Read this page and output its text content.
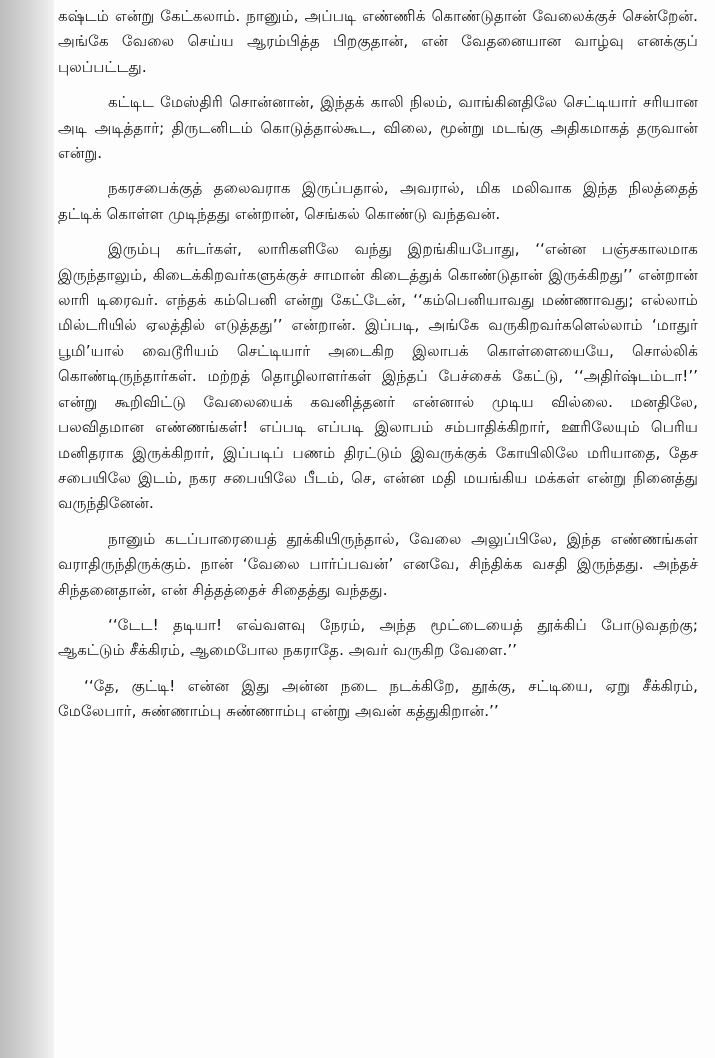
கஷ்டம் என்று கேட்கலாம். நானும், அப்படி எண்ணிக் கொண்டுதான் வேலைக்குச் சென்றேன். அங்கே வேலை செய்ய ஆரம்பித்த பிறகுதான், என் வேதனையான வாழ்வு எனக்குப் புலப்பட்டது.

கட்டிட மேஸ்திரி சொன்னான், இந்தக் காலி நிலம், வாங்கினதிலே செட்டியார் சரியான அடி அடித்தார்; திருடனிடம் கொடுத்தால்கூட, விலை, மூன்று மடங்கு அதிகமாகத் தருவான் என்று.

நகரசபைக்குத் தலைவராக இருப்பதால், அவரால், மிக மலிவாக இந்த நிலத்தைத் தட்டிக் கொள்ள முடிந்தது என்றான், செங்கல் கொண்டு வந்தவன்.

இரும்பு கர்டர்கள், லாரிகளிலே வந்து இறங்கியபோது, ‘‘என்ன பஞ்சகாலமாக இருந்தாலும், கிடைக்கிறவர்களுக்குச் சாமான் கிடைத்துக் கொண்டுதான் இருக்கிறது’’ என்றான் லாரி டிரைவர். எந்தக் கம்பெனி என்று கேட்டேன், ‘‘கம்பெனியாவது மண்ணாவது; எல்லாம் மில்டரியில் ஏலத்தில் எடுத்தது’’ என்றான். இப்படி, அங்கே வருகிறவர்களெல்லாம் ‘மாதுர் பூமி’யால் வைடூரியம் செட்டியார் அடைகிற இலாபக் கொள்ளையையே, சொல்லிக் கொண்டிருந்தார்கள். மற்றத் தொழிலாளர்கள் இந்தப் பேச்சைக் கேட்டு, ‘‘அதிர்ஷ்டம்டா!’’ என்று கூறிவிட்டு வேலையைக் கவனித்தனர் என்னால் முடிய வில்லை. மனதிலே, பலவிதமான எண்ணங்கள்! எப்படி எப்படி இலாபம் சம்பாதிக்கிறார், ஊரிலேயும் பெரிய மனிதராக இருக்கிறார், இப்படிப் பணம் திரட்டும் இவருக்குக் கோயிலிலே மரியாதை, தேச சபையிலே இடம், நகர சபையிலே பீடம், செ, என்ன மதி மயங்கிய மக்கள் என்று நினைத்து வருந்தினேன்.

நானும் கடப்பாரையைத் தூக்கியிருந்தால், வேலை அலுப்பிலே, இந்த எண்ணங்கள் வராதிருந்திருக்கும். நான் ‘வேலை பார்ப்பவன்’ எனவே, சிந்திக்க வசதி இருந்தது. அந்தச் சிந்தனைதான், என் சித்தத்தைச் சிதைத்து வந்தது.

‘‘டேட! தடியா! எவ்வளவு நேரம், அந்த மூட்டையைத் தூக்கிப் போடுவதற்கு; ஆகட்டும் சீக்கிரம், ஆமைபோல நகராதே. அவர் வருகிற வேளை.’’

‘‘தே, குட்டி! என்ன இது அன்ன நடை நடக்கிறே, தூக்கு, சட்டியை, ஏறு சீக்கிரம், மேலேபார், சுண்ணாம்பு சுண்ணாம்பு என்று அவன் கத்துகிறான்.’’
